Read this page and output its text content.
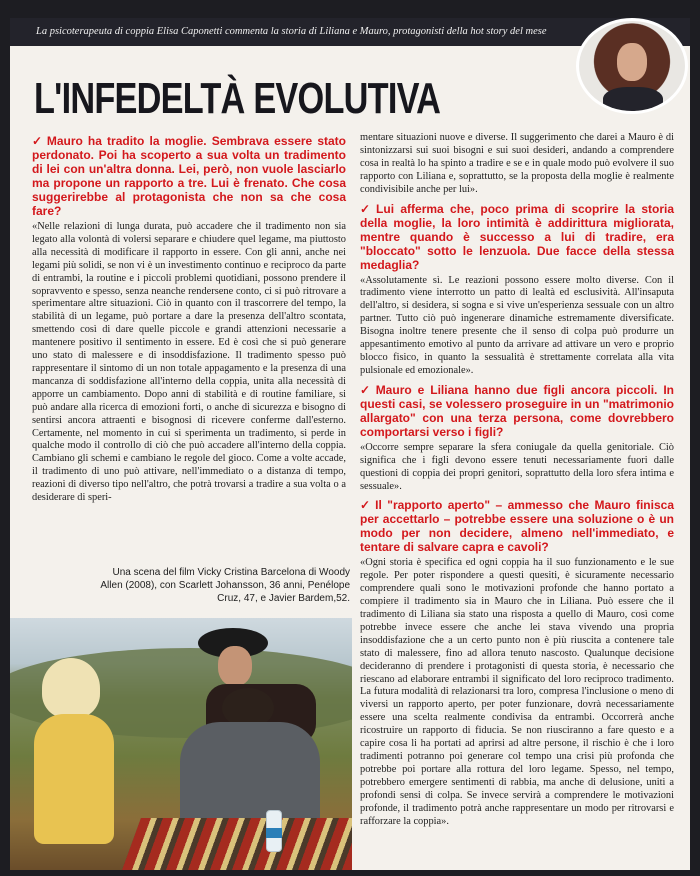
La psicoterapeuta di coppia Elisa Caponetti commenta la storia di Liliana e Mauro, protagonisti della hot story del mese
L'INFEDELTÀ EVOLUTIVA

✓ Mauro ha tradito la moglie. Sembrava essere stato perdonato. Poi ha scoperto a sua volta un tradimento di lei con un'altra donna. Lei, però, non vuole lasciarlo ma propone un rapporto a tre. Lui è frenato. Che cosa suggerirebbe al protagonista che non sa che cosa fare?

«Nelle relazioni di lunga durata, può accadere che il tradimento non sia legato alla volontà di volersi separare e chiudere quel legame, ma piuttosto alla necessità di modificare il rapporto in essere. Con gli anni, anche nei legami più solidi, se non vi è un investimento continuo e reciproco da parte di entrambi, la routine e i piccoli problemi quotidiani, possono prendere il sopravvento e spesso, senza neanche rendersene conto, ci si può ritrovare a sperimentare altre situazioni. Ciò in quanto con il trascorrere del tempo, la stabilità di un legame, può portare a dare la presenza dell'altro scontata, smettendo così di dare quelle piccole e grandi attenzioni necessarie a mantenere positivo il sentimento in essere. Ed è così che si può generare uno stato di malessere e di insoddisfazione. Il tradimento spesso può rappresentare il sintomo di un non totale appagamento e la presenza di una mancanza di soddisfazione all'interno della coppia, unita alla necessità di apporre un cambiamento. Dopo anni di stabilità e di routine familiare, si può andare alla ricerca di emozioni forti, o anche di sicurezza e bisogno di sentirsi ancora attraenti e bisognosi di ricevere conferme dall'esterno. Certamente, nel momento in cui si sperimenta un tradimento, si perde in qualche modo il controllo di ciò che può accadere all'interno della coppia. Cambiano gli schemi e cambiano le regole del gioco. Come a volte accade, il tradimento di uno può attivare, nell'immediato o a distanza di tempo, reazioni di diverso tipo nell'altro, che potrà trovarsi a tradire a sua volta o a desiderare di speri-

mentare situazioni nuove e diverse. Il suggerimento che darei a Mauro è di sintonizzarsi sui suoi bisogni e sui suoi desideri, andando a comprendere cosa in realtà lo ha spinto a tradire e se e in quale modo può evolvere il suo rapporto con Liliana e, soprattutto, se la proposta della moglie è realmente condivisibile anche per lui».

✓ Lui afferma che, poco prima di scoprire la storia della moglie, la loro intimità è addirittura migliorata, mentre quando è successo a lui di tradire, era "bloccato" sotto le lenzuola. Due facce della stessa medaglia?

«Assolutamente sì. Le reazioni possono essere molto diverse. Con il tradimento viene interrotto un patto di lealtà ed esclusività. All'insaputa dell'altro, si desidera, si sogna e si vive un'esperienza sessuale con un altro partner. Tutto ciò può ingenerare dinamiche estremamente diversificate. Bisogna inoltre tenere presente che il senso di colpa può produrre un appesantimento emotivo al punto da arrivare ad attivare un vero e proprio blocco fisico, in quanto la sessualità è strettamente correlata alla vita pulsionale ed emozionale».

✓ Mauro e Liliana hanno due figli ancora piccoli. In questi casi, se volessero proseguire in un "matrimonio allargato" con una terza persona, come dovrebbero comportarsi verso i figli?

«Occorre sempre separare la sfera coniugale da quella genitoriale. Ciò significa che i figli devono essere tenuti necessariamente fuori dalle questioni di coppia dei propri genitori, soprattutto della loro sfera intima e sessuale».

✓ Il "rapporto aperto" – ammesso che Mauro finisca per accettarlo – potrebbe essere una soluzione o è un modo per non decidere, almeno nell'immediato, e tentare di salvare capra e cavoli?

«Ogni storia è specifica ed ogni coppia ha il suo funzionamento e le sue regole. Per poter rispondere a questi quesiti, è sicuramente necessario comprendere quali sono le motivazioni profonde che hanno portato a compiere il tradimento sia in Mauro che in Liliana. Può essere che il tradimento di Liliana sia stato una risposta a quello di Mauro, così come potrebbe invece essere che anche lei stava vivendo una propria insoddisfazione che a un certo punto non è più riuscita a contenere tale stato di malessere, fino ad allora tenuto nascosto. Qualunque decisione decideranno di prendere i protagonisti di questa storia, è necessario che riescano ad elaborare entrambi il significato del loro reciproco tradimento. La futura modalità di relazionarsi tra loro, compresa l'inclusione o meno di viversi un rapporto aperto, per poter funzionare, dovrà necessariamente essere una scelta realmente condivisa da entrambi. Occorrerà anche ricostruire un rapporto di fiducia. Se non riusciranno a fare questo e a capire cosa li ha portati ad aprirsi ad altre persone, il rischio è che i loro tradimenti potranno poi generare col tempo una crisi più profonda che potrebbe poi portare alla rottura del loro legame. Spesso, nel tempo, potrebbero emergere sentimenti di rabbia, ma anche di delusione, uniti a profondi sensi di colpa. Se invece servirà a comprendere le motivazioni profonde, il tradimento potrà anche rappresentare un modo per ritrovarsi e rafforzare la coppia».

Una scena del film Vicky Cristina Barcelona di Woody Allen (2008), con Scarlett Johansson, 36 anni, Penélope Cruz, 47, e Javier Bardem,52.
